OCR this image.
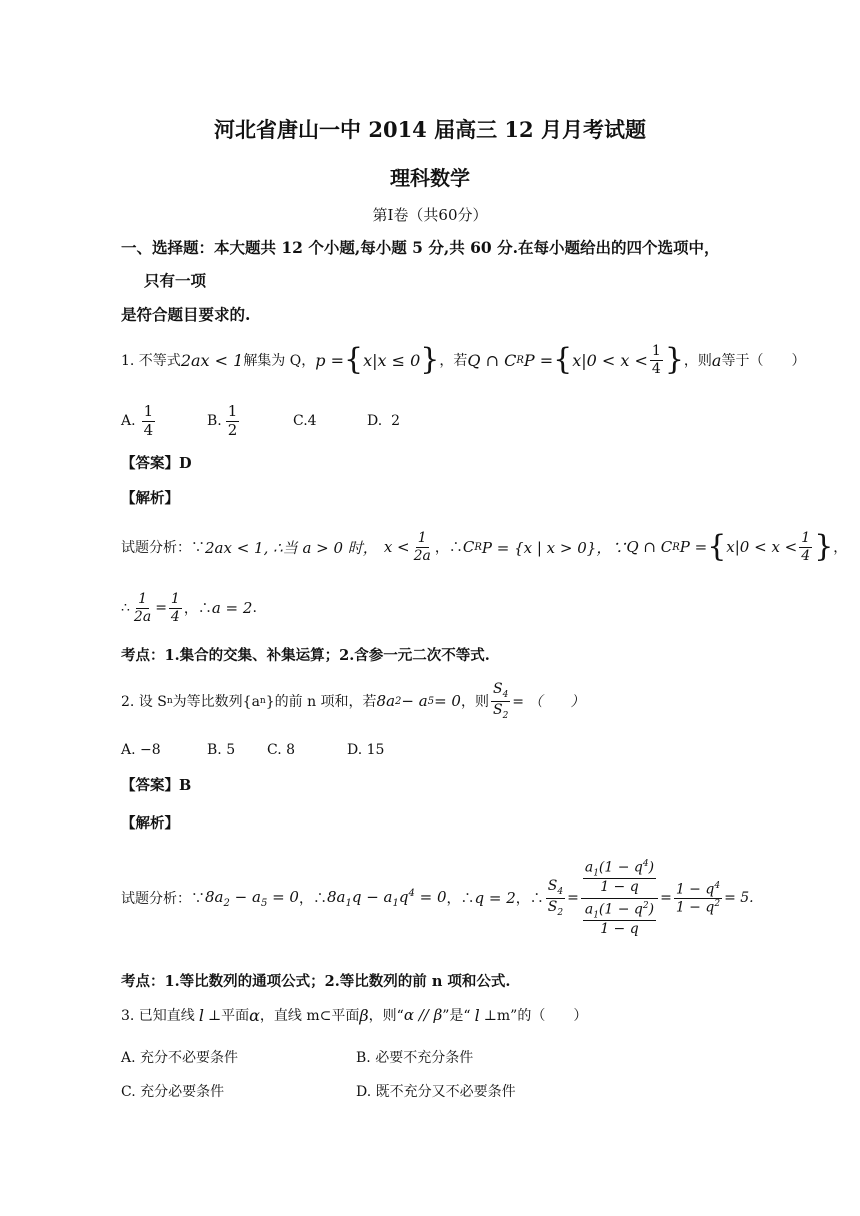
河北省唐山一中 2014 届高三 12 月月考试题
理科数学
第Ⅰ卷（共60分）
一、选择题：本大题共 12 个小题,每小题 5 分,共 60 分.在每小题给出的四个选项中，
只有一项
是符合题目要求的.
1. 不等式 2ax < 1 解集为 Q， p = { x|x ≤ 0 } ，若 Q ∩ C R P = { $x|0 < x < \frac{1}{4}$ } ，则 a 等于（　　）
A. $\frac{1}{4}$	B. $\frac{1}{2}$	C.4	D. 2
【答案】D
【解析】
试题分析：∵ 2ax < 1, ∴当 a > 0 时， $x < \frac{1}{2a}$ ，∴ C R P = {x | x > 0}，∵ Q ∩ C R P = { $x|0 < x < \frac{1}{4}$ } ，
∴ $\frac{1}{2a} = \frac{1}{4}$ ，∴ a = 2 .
考点：1.集合的交集、补集运算；2.含参一元二次不等式.
2. 设 S n 为等比数列{a n }的前 n 项和，若 8a 2 − a 5 = 0 ，则 $\frac{S_4}{S_2}$ = （　　）
A. −8	B. 5	C. 8	D. 15
【答案】B
【解析】
试题分析：∵ $8a_2 - a_5 = 0$ ，∴ $8a_1q - a_1q^4 = 0$ ，∴ q = 2 ，∴ $\frac{S_4}{S_2} = \frac{\frac{a_1(1 - q^4)}{1 - q}}{\frac{a_1(1 - q^2)}{1 - q}} = \frac{1 - q^4}{1 - q^2} = 5$.
考点：1.等比数列的通项公式；2.等比数列的前 n 项和公式.
3. 已知直线 l ⊥平面 α ，直线 m⊂平面 β ，则“ α // β ”是“ l ⊥m”的（　　）
A. 充分不必要条件	B. 必要不充分条件
C. 充分必要条件	D. 既不充分又不必要条件
